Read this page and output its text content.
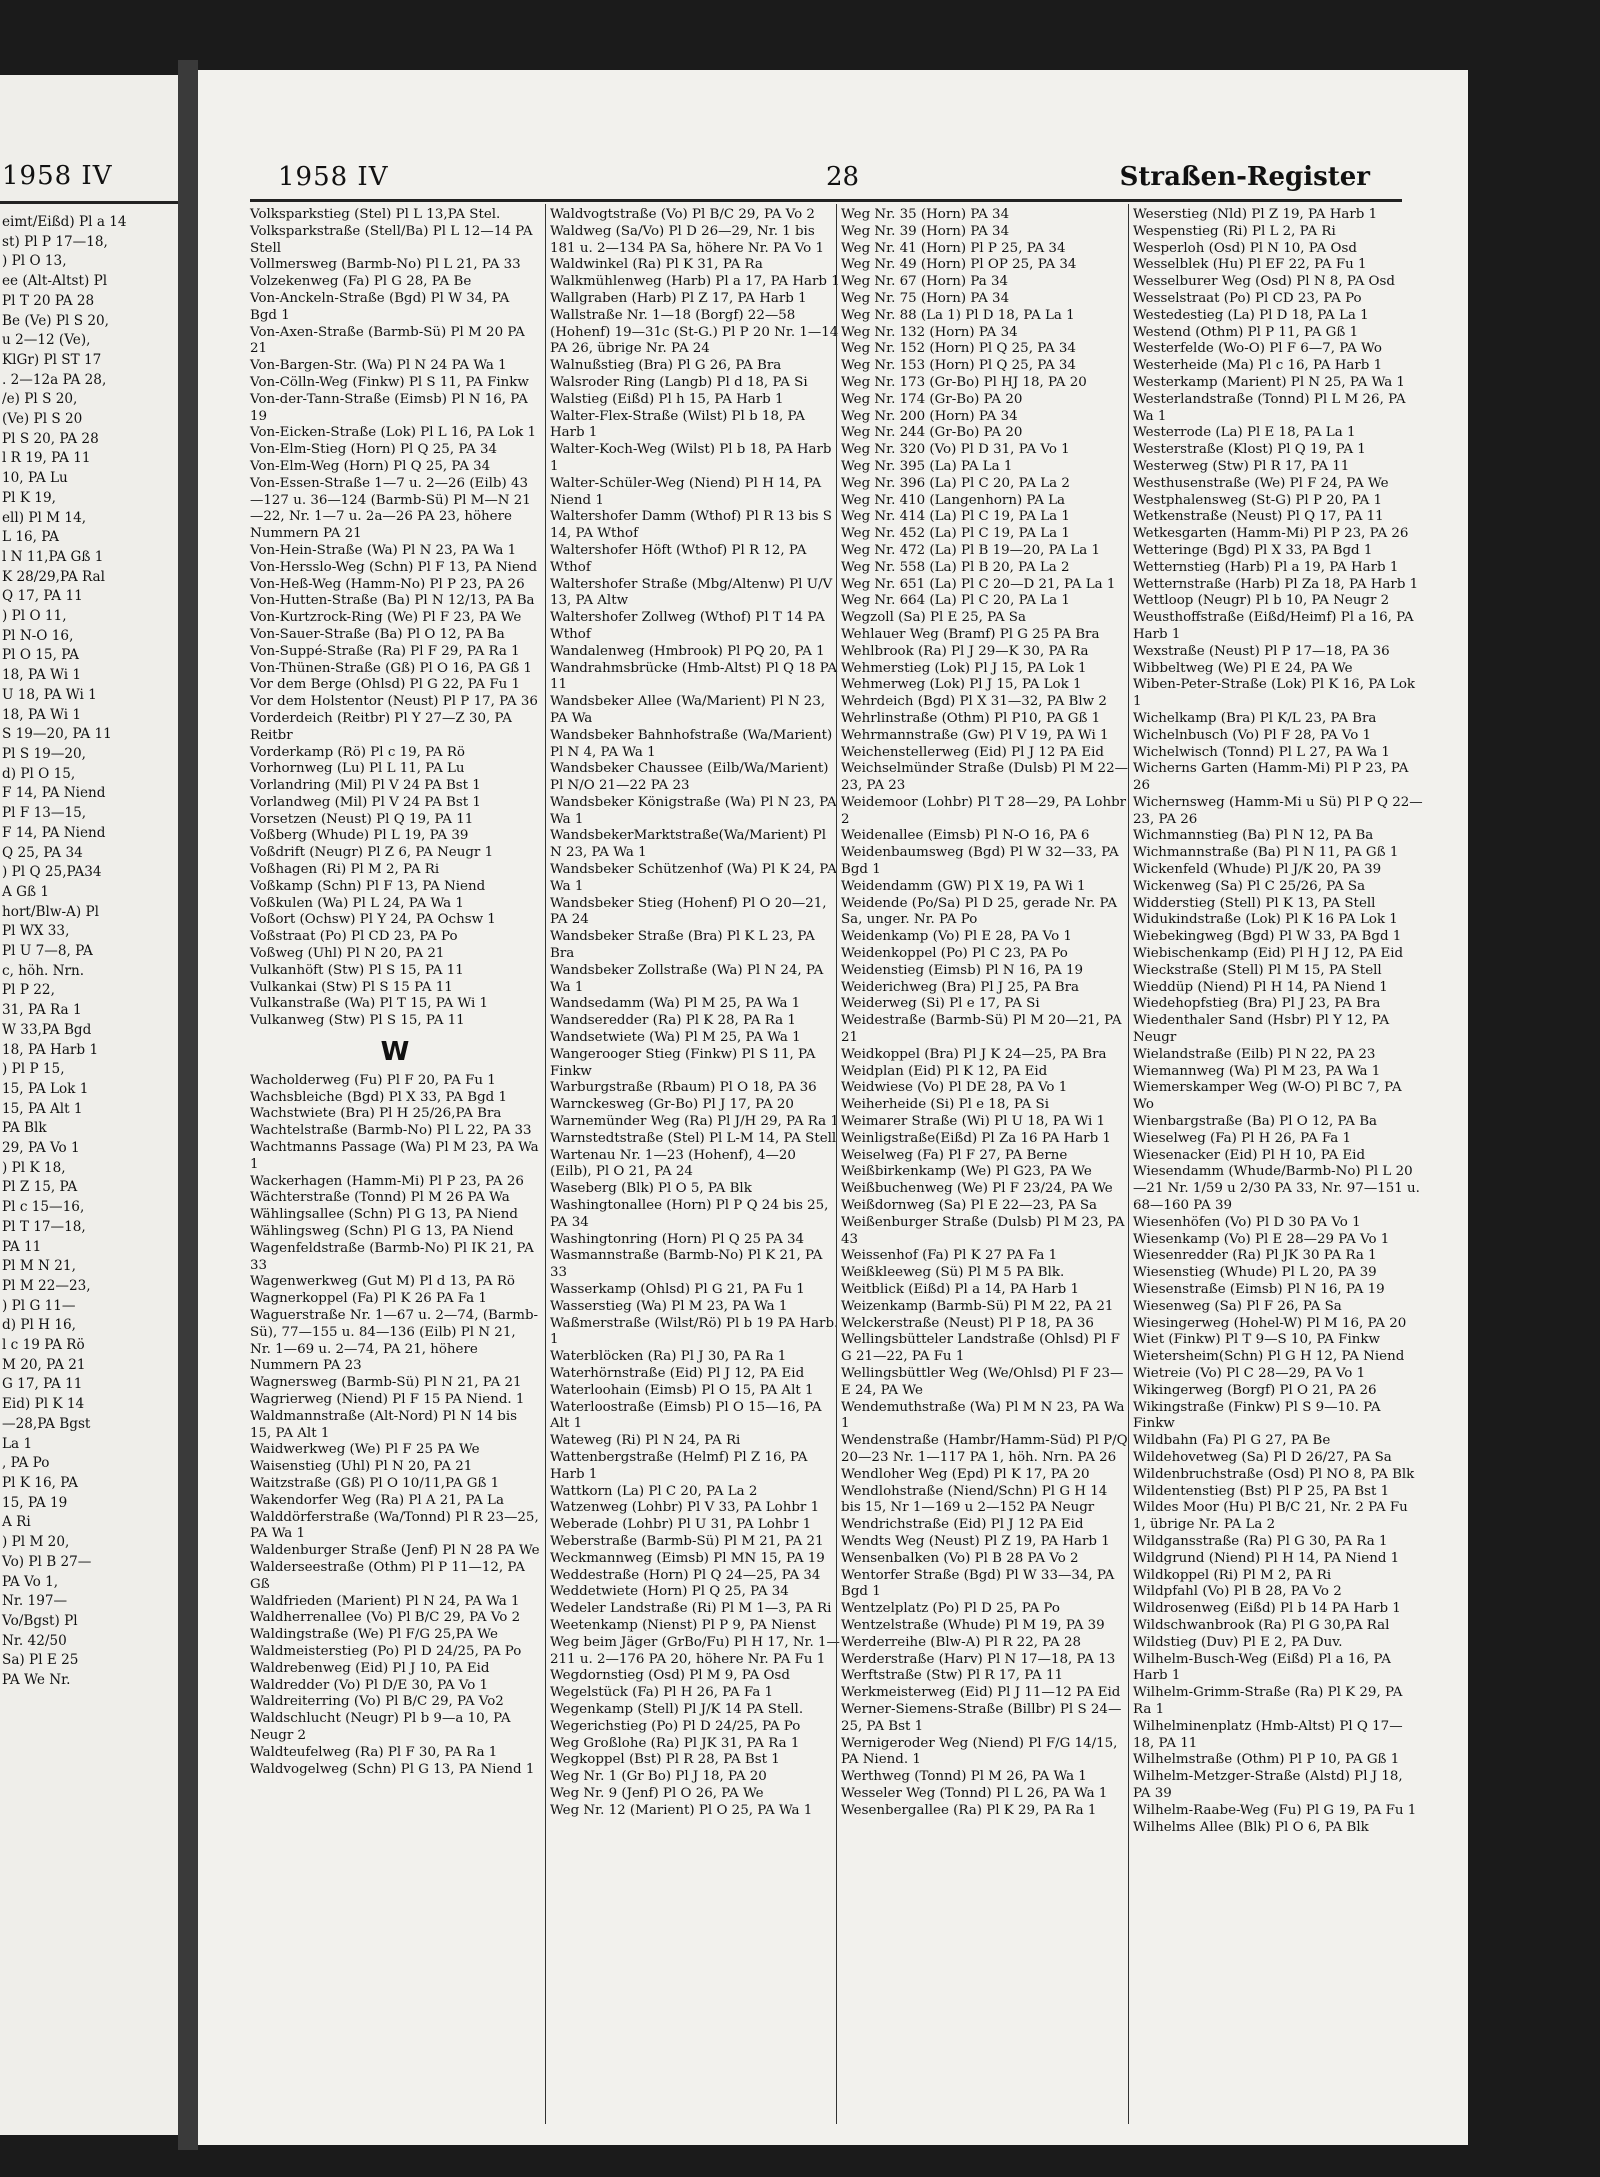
1958 IV
eimt/Eißd) Pl a 14
st) Pl P 17—18,
) Pl O 13,
ee (Alt-Altst) Pl
Pl T 20 PA 28
Be (Ve) Pl S 20,
u 2—12 (Ve),
KlGr) Pl ST 17
. 2—12a PA 28,
/e) Pl S 20,
(Ve) Pl S 20
Pl S 20, PA 28
l R 19, PA 11
10, PA Lu
Pl K 19,
ell) Pl M 14,
L 16, PA
l N 11,PA Gß 1
K 28/29,PA Ral
Q 17, PA 11
) Pl O 11,
Pl N-O 16,
Pl O 15, PA
18, PA Wi 1
U 18, PA Wi 1
18, PA Wi 1
S 19—20, PA 11
Pl S 19—20,
d) Pl O 15,
F 14, PA Niend
Pl F 13—15,
F 14, PA Niend
Q 25, PA 34
) Pl Q 25,PA34
A Gß 1
hort/Blw-A) Pl
Pl WX 33,
Pl U 7—8, PA
c, höh. Nrn.
Pl P 22,
31, PA Ra 1
W 33,PA Bgd
18, PA Harb 1
) Pl P 15,
15, PA Lok 1
15, PA Alt 1
PA Blk
29, PA Vo 1
) Pl K 18,
Pl Z 15, PA
Pl c 15—16,
Pl T 17—18,
PA 11
Pl M N 21,
Pl M 22—23,
) Pl G 11—
d) Pl H 16,
l c 19 PA Rö
M 20, PA 21
G 17, PA 11
Eid) Pl K 14
—28,PA Bgst
La 1
, PA Po
Pl K 16, PA
15, PA 19
A Ri
) Pl M 20,
Vo) Pl B 27—
PA Vo 1,
Nr. 197—
Vo/Bgst) Pl
Nr. 42/50
Sa) Pl E 25
PA We Nr.
1958 IV	28	Straßen-Register
Volksparkstieg (Stel) Pl L 13,PA Stel.
Volksparkstraße (Stell/Ba) Pl L 12—14 PA Stell
Vollmersweg (Barmb-No) Pl L 21, PA 33
Volzekenweg (Fa) Pl G 28, PA Be
Von-Anckeln-Straße (Bgd) Pl W 34, PA Bgd 1
Von-Axen-Straße (Barmb-Sü) Pl M 20 PA 21
Von-Bargen-Str. (Wa) Pl N 24 PA Wa 1
Von-Cölln-Weg (Finkw) Pl S 11, PA Finkw
Von-der-Tann-Straße (Eimsb) Pl N 16, PA 19
Von-Eicken-Straße (Lok) Pl L 16, PA Lok 1
Von-Elm-Stieg (Horn) Pl Q 25, PA 34
Von-Elm-Weg (Horn) Pl Q 25, PA 34
Von-Essen-Straße 1—7 u. 2—26 (Eilb) 43—127 u. 36—124 (Barmb-Sü) Pl M—N 21—22, Nr. 1—7 u. 2a—26 PA 23, höhere Nummern PA 21
Von-Hein-Straße (Wa) Pl N 23, PA Wa 1
Von-Hersslo-Weg (Schn) Pl F 13, PA Niend
Von-Heß-Weg (Hamm-No) Pl P 23, PA 26
Von-Hutten-Straße (Ba) Pl N 12/13, PA Ba
Von-Kurtzrock-Ring (We) Pl F 23, PA We
Von-Sauer-Straße (Ba) Pl O 12, PA Ba
Von-Suppé-Straße (Ra) Pl F 29, PA Ra 1
Von-Thünen-Straße (Gß) Pl O 16, PA Gß 1
Vor dem Berge (Ohlsd) Pl G 22, PA Fu 1
Vor dem Holstentor (Neust) Pl P 17, PA 36
Vorderdeich (Reitbr) Pl Y 27—Z 30, PA Reitbr
Vorderkamp (Rö) Pl c 19, PA Rö
Vorhornweg (Lu) Pl L 11, PA Lu
Vorlandring (Mil) Pl V 24 PA Bst 1
Vorlandweg (Mil) Pl V 24 PA Bst 1
Vorsetzen (Neust) Pl Q 19, PA 11
Voßberg (Whude) Pl L 19, PA 39
Voßdrift (Neugr) Pl Z 6, PA Neugr 1
Voßhagen (Ri) Pl M 2, PA Ri
Voßkamp (Schn) Pl F 13, PA Niend
Voßkulen (Wa) Pl L 24, PA Wa 1
Voßort (Ochsw) Pl Y 24, PA Ochsw 1
Voßstraat (Po) Pl CD 23, PA Po
Voßweg (Uhl) Pl N 20, PA 21
Vulkanhöft (Stw) Pl S 15, PA 11
Vulkankai (Stw) Pl S 15 PA 11
Vulkanstraße (Wa) Pl T 15, PA Wi 1
Vulkanweg (Stw) Pl S 15, PA 11
W
Wacholderweg (Fu) Pl F 20, PA Fu 1
Wachsbleiche (Bgd) Pl X 33, PA Bgd 1
Wachstwiete (Bra) Pl H 25/26,PA Bra
Wachtelstraße (Barmb-No) Pl L 22, PA 33
Wachtmanns Passage (Wa) Pl M 23, PA Wa 1
Wackerhagen (Hamm-Mi) Pl P 23, PA 26
Wächterstraße (Tonnd) Pl M 26 PA Wa
Wählingsallee (Schn) Pl G 13, PA Niend
Wählingsweg (Schn) Pl G 13, PA Niend
Wagenfeldstraße (Barmb-No) Pl IK 21, PA 33
Wagenwerkweg (Gut M) Pl d 13, PA Rö
Wagnerkoppel (Fa) Pl K 26 PA Fa 1
Waguerstraße Nr. 1—67 u. 2—74, (Barmb-Sü), 77—155 u. 84—136 (Eilb) Pl N 21, Nr. 1—69 u. 2—74, PA 21, höhere Nummern PA 23
Wagnersweg (Barmb-Sü) Pl N 21, PA 21
Wagrierweg (Niend) Pl F 15 PA Niend. 1
Waldmannstraße (Alt-Nord) Pl N 14 bis 15, PA Alt 1
Waidwerkweg (We) Pl F 25 PA We
Waisenstieg (Uhl) Pl N 20, PA 21
Waitzstraße (Gß) Pl O 10/11,PA Gß 1
Wakendorfer Weg (Ra) Pl A 21, PA La
Walddörferstraße (Wa/Tonnd) Pl R 23—25, PA Wa 1
Waldenburger Straße (Jenf) Pl N 28 PA We
Walderseestraße (Othm) Pl P 11—12, PA Gß
Waldfrieden (Marient) Pl N 24, PA Wa 1
Waldherrenallee (Vo) Pl B/C 29, PA Vo 2
Waldingstraße (We) Pl F/G 25,PA We
Waldmeisterstieg (Po) Pl D 24/25, PA Po
Waldrebenweg (Eid) Pl J 10, PA Eid
Waldredder (Vo) Pl D/E 30, PA Vo 1
Waldreiterring (Vo) Pl B/C 29, PA Vo2
Waldschlucht (Neugr) Pl b 9—a 10, PA Neugr 2
Waldteufelweg (Ra) Pl F 30, PA Ra 1
Waldvogelweg (Schn) Pl G 13, PA Niend 1
Waldvogtstraße (Vo) Pl B/C 29, PA Vo 2
Waldweg (Sa/Vo) Pl D 26—29, Nr. 1 bis 181 u. 2—134 PA Sa, höhere Nr. PA Vo 1
Waldwinkel (Ra) Pl K 31, PA Ra
Walkmühlenweg (Harb) Pl a 17, PA Harb 1
Wallgraben (Harb) Pl Z 17, PA Harb 1
Wallstraße Nr. 1—18 (Borgf) 22—58 (Hohenf) 19—31c (St-G.) Pl P 20 Nr. 1—14 PA 26, übrige Nr. PA 24
Walnußstieg (Bra) Pl G 26, PA Bra
Walsroder Ring (Langb) Pl d 18, PA Si
Walstieg (Eißd) Pl h 15, PA Harb 1
Walter-Flex-Straße (Wilst) Pl b 18, PA Harb 1
Walter-Koch-Weg (Wilst) Pl b 18, PA Harb 1
Walter-Schüler-Weg (Niend) Pl H 14, PA Niend 1
Waltershofer Damm (Wthof) Pl R 13 bis S 14, PA Wthof
Waltershofer Höft (Wthof) Pl R 12, PA Wthof
Waltershofer Straße (Mbg/Altenw) Pl U/V 13, PA Altw
Waltershofer Zollweg (Wthof) Pl T 14 PA Wthof
Wandalenweg (Hmbrook) Pl PQ 20, PA 1
Wandrahmsbrücke (Hmb-Altst) Pl Q 18 PA 11
Wandsbeker Allee (Wa/Marient) Pl N 23, PA Wa
Wandsbeker Bahnhofstraße (Wa/Marient) Pl N 4, PA Wa 1
Wandsbeker Chaussee (Eilb/Wa/Marient) Pl N/O 21—22 PA 23
Wandsbeker Königstraße (Wa) Pl N 23, PA Wa 1
WandsbekerMarktstraße(Wa/Marient) Pl N 23, PA Wa 1
Wandsbeker Schützenhof (Wa) Pl K 24, PA Wa 1
Wandsbeker Stieg (Hohenf) Pl O 20—21, PA 24
Wandsbeker Straße (Bra) Pl K L 23, PA Bra
Wandsbeker Zollstraße (Wa) Pl N 24, PA Wa 1
Wandsedamm (Wa) Pl M 25, PA Wa 1
Wandseredder (Ra) Pl K 28, PA Ra 1
Wandsetwiete (Wa) Pl M 25, PA Wa 1
Wangerooger Stieg (Finkw) Pl S 11, PA Finkw
Warburgstraße (Rbaum) Pl O 18, PA 36
Warnckesweg (Gr-Bo) Pl J 17, PA 20
Warnemünder Weg (Ra) Pl J/H 29, PA Ra 1
Warnstedtstraße (Stel) Pl L-M 14, PA Stell
Wartenau Nr. 1—23 (Hohenf), 4—20 (Eilb), Pl O 21, PA 24
Waseberg (Blk) Pl O 5, PA Blk
Washingtonallee (Horn) Pl P Q 24 bis 25, PA 34
Washingtonring (Horn) Pl Q 25 PA 34
Wasmannstraße (Barmb-No) Pl K 21, PA 33
Wasserkamp (Ohlsd) Pl G 21, PA Fu 1
Wasserstieg (Wa) Pl M 23, PA Wa 1
Waßmerstraße (Wilst/Rö) Pl b 19 PA Harb. 1
Waterblöcken (Ra) Pl J 30, PA Ra 1
Waterhörnstraße (Eid) Pl J 12, PA Eid
Waterloohain (Eimsb) Pl O 15, PA Alt 1
Waterloostraße (Eimsb) Pl O 15—16, PA Alt 1
Wateweg (Ri) Pl N 24, PA Ri
Wattenbergstraße (Helmf) Pl Z 16, PA Harb 1
Wattkorn (La) Pl C 20, PA La 2
Watzenweg (Lohbr) Pl V 33, PA Lohbr 1
Weberade (Lohbr) Pl U 31, PA Lohbr 1
Weberstraße (Barmb-Sü) Pl M 21, PA 21
Weckmannweg (Eimsb) Pl MN 15, PA 19
Weddestraße (Horn) Pl Q 24—25, PA 34
Weddetwiete (Horn) Pl Q 25, PA 34
Wedeler Landstraße (Ri) Pl M 1—3, PA Ri
Weetenkamp (Nienst) Pl P 9, PA Nienst
Weg beim Jäger (GrBo/Fu) Pl H 17, Nr. 1—211 u. 2—176 PA 20, höhere Nr. PA Fu 1
Wegdornstieg (Osd) Pl M 9, PA Osd
Wegelstück (Fa) Pl H 26, PA Fa 1
Wegenkamp (Stell) Pl J/K 14 PA Stell.
Wegerichstieg (Po) Pl D 24/25, PA Po
Weg Großlohe (Ra) Pl JK 31, PA Ra 1
Wegkoppel (Bst) Pl R 28, PA Bst 1
Weg Nr. 1 (Gr Bo) Pl J 18, PA 20
Weg Nr. 9 (Jenf) Pl O 26, PA We
Weg Nr. 12 (Marient) Pl O 25, PA Wa 1
Weg Nr. 35 (Horn) PA 34
Weg Nr. 39 (Horn) PA 34
Weg Nr. 41 (Horn) Pl P 25, PA 34
Weg Nr. 49 (Horn) Pl OP 25, PA 34
Weg Nr. 67 (Horn) Pa 34
Weg Nr. 75 (Horn) PA 34
Weg Nr. 88 (La 1) Pl D 18, PA La 1
Weg Nr. 132 (Horn) PA 34
Weg Nr. 152 (Horn) Pl Q 25, PA 34
Weg Nr. 153 (Horn) Pl Q 25, PA 34
Weg Nr. 173 (Gr-Bo) Pl HJ 18, PA 20
Weg Nr. 174 (Gr-Bo) PA 20
Weg Nr. 200 (Horn) PA 34
Weg Nr. 244 (Gr-Bo) PA 20
Weg Nr. 320 (Vo) Pl D 31, PA Vo 1
Weg Nr. 395 (La) PA La 1
Weg Nr. 396 (La) Pl C 20, PA La 2
Weg Nr. 410 (Langenhorn) PA La
Weg Nr. 414 (La) Pl C 19, PA La 1
Weg Nr. 452 (La) Pl C 19, PA La 1
Weg Nr. 472 (La) Pl B 19—20, PA La 1
Weg Nr. 558 (La) Pl B 20, PA La 2
Weg Nr. 651 (La) Pl C 20—D 21, PA La 1
Weg Nr. 664 (La) Pl C 20, PA La 1
Wegzoll (Sa) Pl E 25, PA Sa
Wehlauer Weg (Bramf) Pl G 25 PA Bra
Wehlbrook (Ra) Pl J 29—K 30, PA Ra
Wehmerstieg (Lok) Pl J 15, PA Lok 1
Wehmerweg (Lok) Pl J 15, PA Lok 1
Wehrdeich (Bgd) Pl X 31—32, PA Blw 2
Wehrlinstraße (Othm) Pl P10, PA Gß 1
Wehrmannstraße (Gw) Pl V 19, PA Wi 1
Weichenstellerweg (Eid) Pl J 12 PA Eid
Weichselmünder Straße (Dulsb) Pl M 22—23, PA 23
Weidemoor (Lohbr) Pl T 28—29, PA Lohbr 2
Weidenallee (Eimsb) Pl N-O 16, PA 6
Weidenbaumsweg (Bgd) Pl W 32—33, PA Bgd 1
Weidendamm (GW) Pl X 19, PA Wi 1
Weidende (Po/Sa) Pl D 25, gerade Nr. PA Sa, unger. Nr. PA Po
Weidenkamp (Vo) Pl E 28, PA Vo 1
Weidenkoppel (Po) Pl C 23, PA Po
Weidenstieg (Eimsb) Pl N 16, PA 19
Weiderichweg (Bra) Pl J 25, PA Bra
Weiderweg (Si) Pl e 17, PA Si
Weidestraße (Barmb-Sü) Pl M 20—21, PA 21
Weidkoppel (Bra) Pl J K 24—25, PA Bra
Weidplan (Eid) Pl K 12, PA Eid
Weidwiese (Vo) Pl DE 28, PA Vo 1
Weiherheide (Si) Pl e 18, PA Si
Weimarer Straße (Wi) Pl U 18, PA Wi 1
Weinligstraße(Eißd) Pl Za 16 PA Harb 1
Weiselweg (Fa) Pl F 27, PA Berne
Weißbirkenkamp (We) Pl G23, PA We
Weißbuchenweg (We) Pl F 23/24, PA We
Weißdornweg (Sa) Pl E 22—23, PA Sa
Weißenburger Straße (Dulsb) Pl M 23, PA 43
Weissenhof (Fa) Pl K 27 PA Fa 1
Weißkleeweg (Sü) Pl M 5 PA Blk.
Weitblick (Eißd) Pl a 14, PA Harb 1
Weizenkamp (Barmb-Sü) Pl M 22, PA 21
Welckerstraße (Neust) Pl P 18, PA 36
Wellingsbütteler Landstraße (Ohlsd) Pl F G 21—22, PA Fu 1
Wellingsbüttler Weg (We/Ohlsd) Pl F 23—E 24, PA We
Wendemuthstraße (Wa) Pl M N 23, PA Wa 1
Wendenstraße (Hambr/Hamm-Süd) Pl P/Q 20—23 Nr. 1—117 PA 1, höh. Nrn. PA 26
Wendloher Weg (Epd) Pl K 17, PA 20
Wendlohstraße (Niend/Schn) Pl G H 14 bis 15, Nr 1—169 u 2—152 PA Neugr
Wendrichstraße (Eid) Pl J 12 PA Eid
Wendts Weg (Neust) Pl Z 19, PA Harb 1
Wensenbalken (Vo) Pl B 28 PA Vo 2
Wentorfer Straße (Bgd) Pl W 33—34, PA Bgd 1
Wentzelplatz (Po) Pl D 25, PA Po
Wentzelstraße (Whude) Pl M 19, PA 39
Werderreihe (Blw-A) Pl R 22, PA 28
Werderstraße (Harv) Pl N 17—18, PA 13
Werftstraße (Stw) Pl R 17, PA 11
Werkmeisterweg (Eid) Pl J 11—12 PA Eid
Werner-Siemens-Straße (Billbr) Pl S 24—25, PA Bst 1
Wernigeroder Weg (Niend) Pl F/G 14/15, PA Niend. 1
Werthweg (Tonnd) Pl M 26, PA Wa 1
Wesseler Weg (Tonnd) Pl L 26, PA Wa 1
Wesenbergallee (Ra) Pl K 29, PA Ra 1
Weserstieg (Nld) Pl Z 19, PA Harb 1
Wespenstieg (Ri) Pl L 2, PA Ri
Wesperloh (Osd) Pl N 10, PA Osd
Wesselblek (Hu) Pl EF 22, PA Fu 1
Wesselburer Weg (Osd) Pl N 8, PA Osd
Wesselstraat (Po) Pl CD 23, PA Po
Westedestieg (La) Pl D 18, PA La 1
Westend (Othm) Pl P 11, PA Gß 1
Westerfelde (Wo-O) Pl F 6—7, PA Wo
Westerheide (Ma) Pl c 16, PA Harb 1
Westerkamp (Marient) Pl N 25, PA Wa 1
Westerlandstraße (Tonnd) Pl L M 26, PA Wa 1
Westerrode (La) Pl E 18, PA La 1
Westerstraße (Klost) Pl Q 19, PA 1
Westerweg (Stw) Pl R 17, PA 11
Westhusenstraße (We) Pl F 24, PA We
Westphalensweg (St-G) Pl P 20, PA 1
Wetkenstraße (Neust) Pl Q 17, PA 11
Wetkesgarten (Hamm-Mi) Pl P 23, PA 26
Wetteringe (Bgd) Pl X 33, PA Bgd 1
Wetternstieg (Harb) Pl a 19, PA Harb 1
Wetternstraße (Harb) Pl Za 18, PA Harb 1
Wettloop (Neugr) Pl b 10, PA Neugr 2
Weusthoffstraße (Eißd/Heimf) Pl a 16, PA Harb 1
Wexstraße (Neust) Pl P 17—18, PA 36
Wibbeltweg (We) Pl E 24, PA We
Wiben-Peter-Straße (Lok) Pl K 16, PA Lok 1
Wichelkamp (Bra) Pl K/L 23, PA Bra
Wichelnbusch (Vo) Pl F 28, PA Vo 1
Wichelwisch (Tonnd) Pl L 27, PA Wa 1
Wicherns Garten (Hamm-Mi) Pl P 23, PA 26
Wichernsweg (Hamm-Mi u Sü) Pl P Q 22—23, PA 26
Wichmannstieg (Ba) Pl N 12, PA Ba
Wichmannstraße (Ba) Pl N 11, PA Gß 1
Wickenfeld (Whude) Pl J/K 20, PA 39
Wickenweg (Sa) Pl C 25/26, PA Sa
Widderstieg (Stell) Pl K 13, PA Stell
Widukindstraße (Lok) Pl K 16 PA Lok 1
Wiebekingweg (Bgd) Pl W 33, PA Bgd 1
Wiebischenkamp (Eid) Pl H J 12, PA Eid
Wieckstraße (Stell) Pl M 15, PA Stell
Wieddüp (Niend) Pl H 14, PA Niend 1
Wiedehopfstieg (Bra) Pl J 23, PA Bra
Wiedenthaler Sand (Hsbr) Pl Y 12, PA Neugr
Wielandstraße (Eilb) Pl N 22, PA 23
Wiemannweg (Wa) Pl M 23, PA Wa 1
Wiemerskamper Weg (W-O) Pl BC 7, PA Wo
Wienbargstraße (Ba) Pl O 12, PA Ba
Wieselweg (Fa) Pl H 26, PA Fa 1
Wiesenacker (Eid) Pl H 10, PA Eid
Wiesendamm (Whude/Barmb-No) Pl L 20—21 Nr. 1/59 u 2/30 PA 33, Nr. 97—151 u. 68—160 PA 39
Wiesenhöfen (Vo) Pl D 30 PA Vo 1
Wiesenkamp (Vo) Pl E 28—29 PA Vo 1
Wiesenredder (Ra) Pl JK 30 PA Ra 1
Wiesenstieg (Whude) Pl L 20, PA 39
Wiesenstraße (Eimsb) Pl N 16, PA 19
Wiesenweg (Sa) Pl F 26, PA Sa
Wiesingerweg (Hohel-W) Pl M 16, PA 20
Wiet (Finkw) Pl T 9—S 10, PA Finkw
Wietersheim(Schn) Pl G H 12, PA Niend
Wietreie (Vo) Pl C 28—29, PA Vo 1
Wikingerweg (Borgf) Pl O 21, PA 26
Wikingstraße (Finkw) Pl S 9—10. PA Finkw
Wildbahn (Fa) Pl G 27, PA Be
Wildehovetweg (Sa) Pl D 26/27, PA Sa
Wildenbruchstraße (Osd) Pl NO 8, PA Blk
Wildentenstieg (Bst) Pl P 25, PA Bst 1
Wildes Moor (Hu) Pl B/C 21, Nr. 2 PA Fu 1, übrige Nr. PA La 2
Wildgansstraße (Ra) Pl G 30, PA Ra 1
Wildgrund (Niend) Pl H 14, PA Niend 1
Wildkoppel (Ri) Pl M 2, PA Ri
Wildpfahl (Vo) Pl B 28, PA Vo 2
Wildrosenweg (Eißd) Pl b 14 PA Harb 1
Wildschwanbrook (Ra) Pl G 30,PA Ral
Wildstieg (Duv) Pl E 2, PA Duv.
Wilhelm-Busch-Weg (Eißd) Pl a 16, PA Harb 1
Wilhelm-Grimm-Straße (Ra) Pl K 29, PA Ra 1
Wilhelminenplatz (Hmb-Altst) Pl Q 17—18, PA 11
Wilhelmstraße (Othm) Pl P 10, PA Gß 1
Wilhelm-Metzger-Straße (Alstd) Pl J 18, PA 39
Wilhelm-Raabe-Weg (Fu) Pl G 19, PA Fu 1
Wilhelms Allee (Blk) Pl O 6, PA Blk
